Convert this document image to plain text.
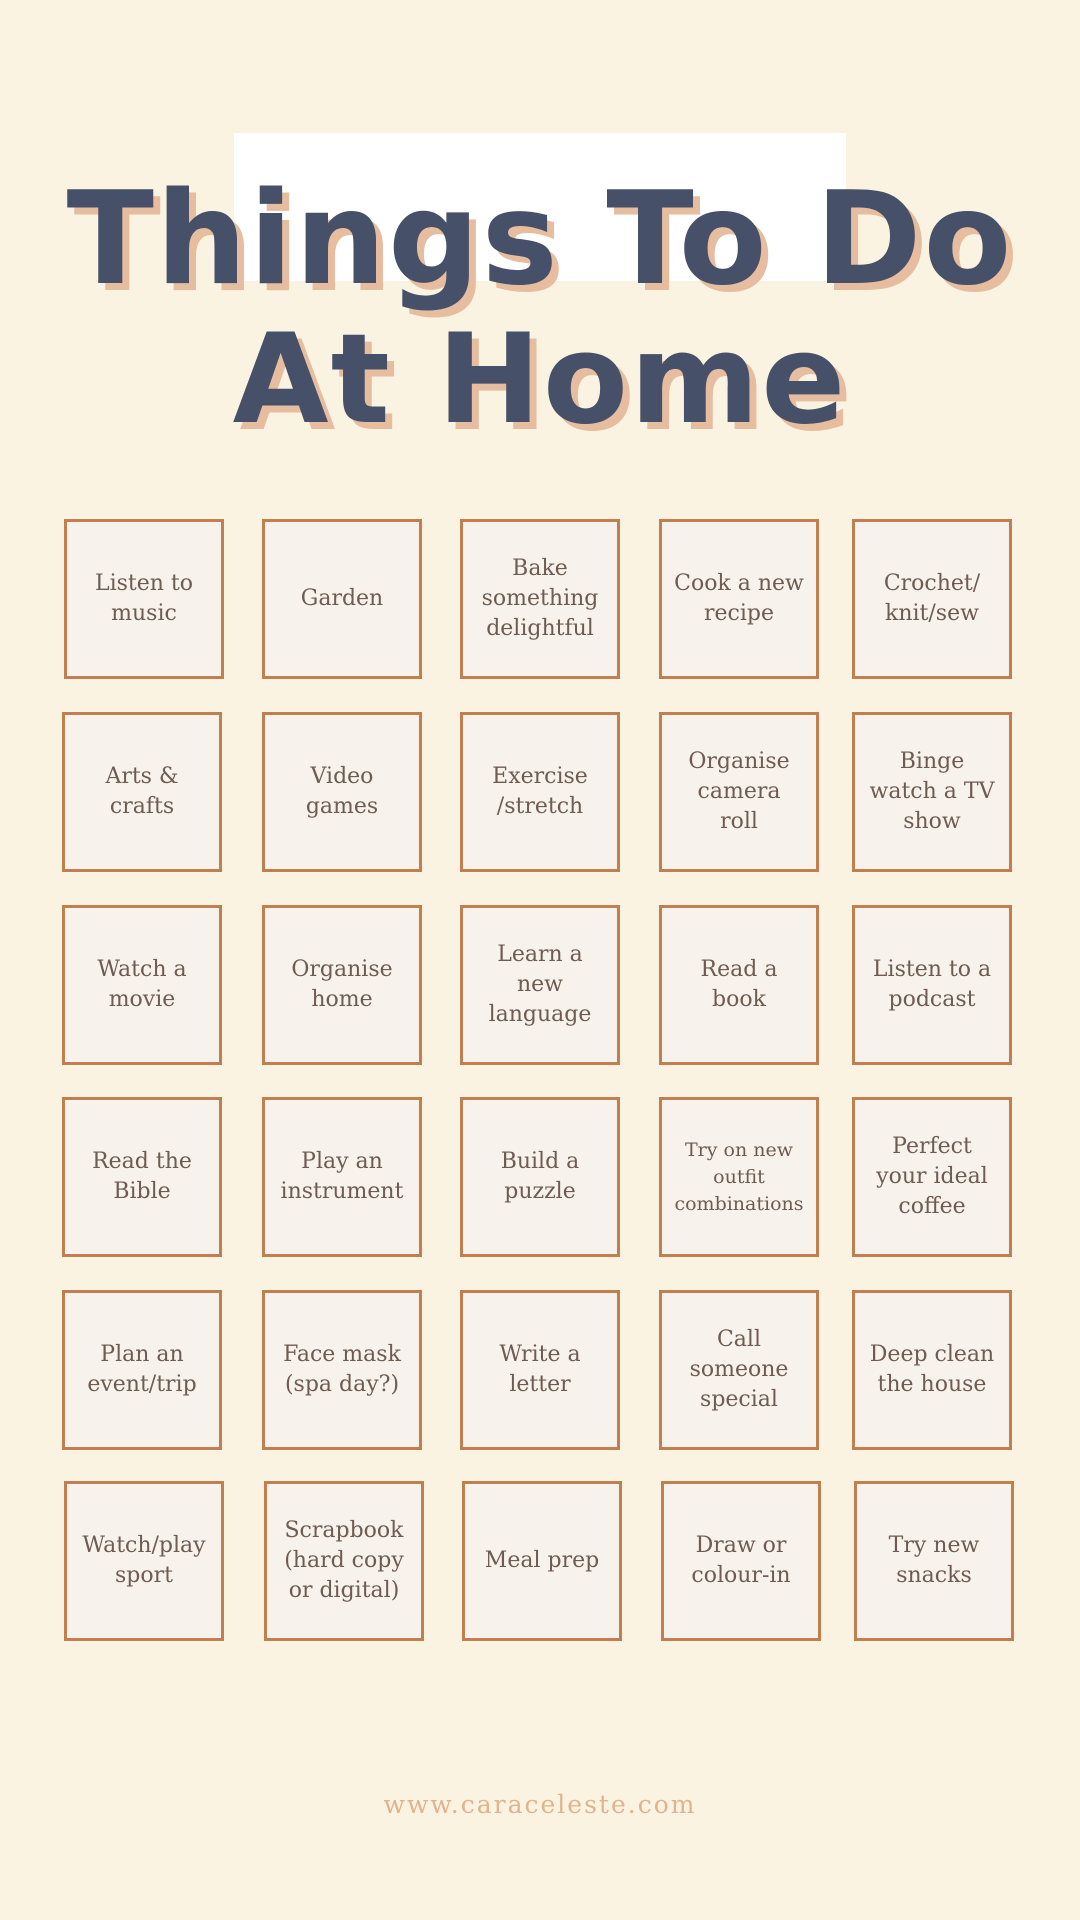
Things To Do
At Home
Listen to
music
Garden
Bake
something
delightful
Cook a new
recipe
Crochet/
knit/sew
Arts &
crafts
Video
games
Exercise
/stretch
Organise
camera
roll
Binge
watch a TV
show
Watch a
movie
Organise
home
Learn a
new
language
Read a
book
Listen to a
podcast
Read the
Bible
Play an
instrument
Build a
puzzle
Try on new
outfit
combinations
Perfect
your ideal
coffee
Plan an
event/trip
Face mask
(spa day?)
Write a
letter
Call
someone
special
Deep clean
the house
Watch/play
sport
Scrapbook
(hard copy
or digital)
Meal prep
Draw or
colour-in
Try new
snacks
www.caraceleste.com
